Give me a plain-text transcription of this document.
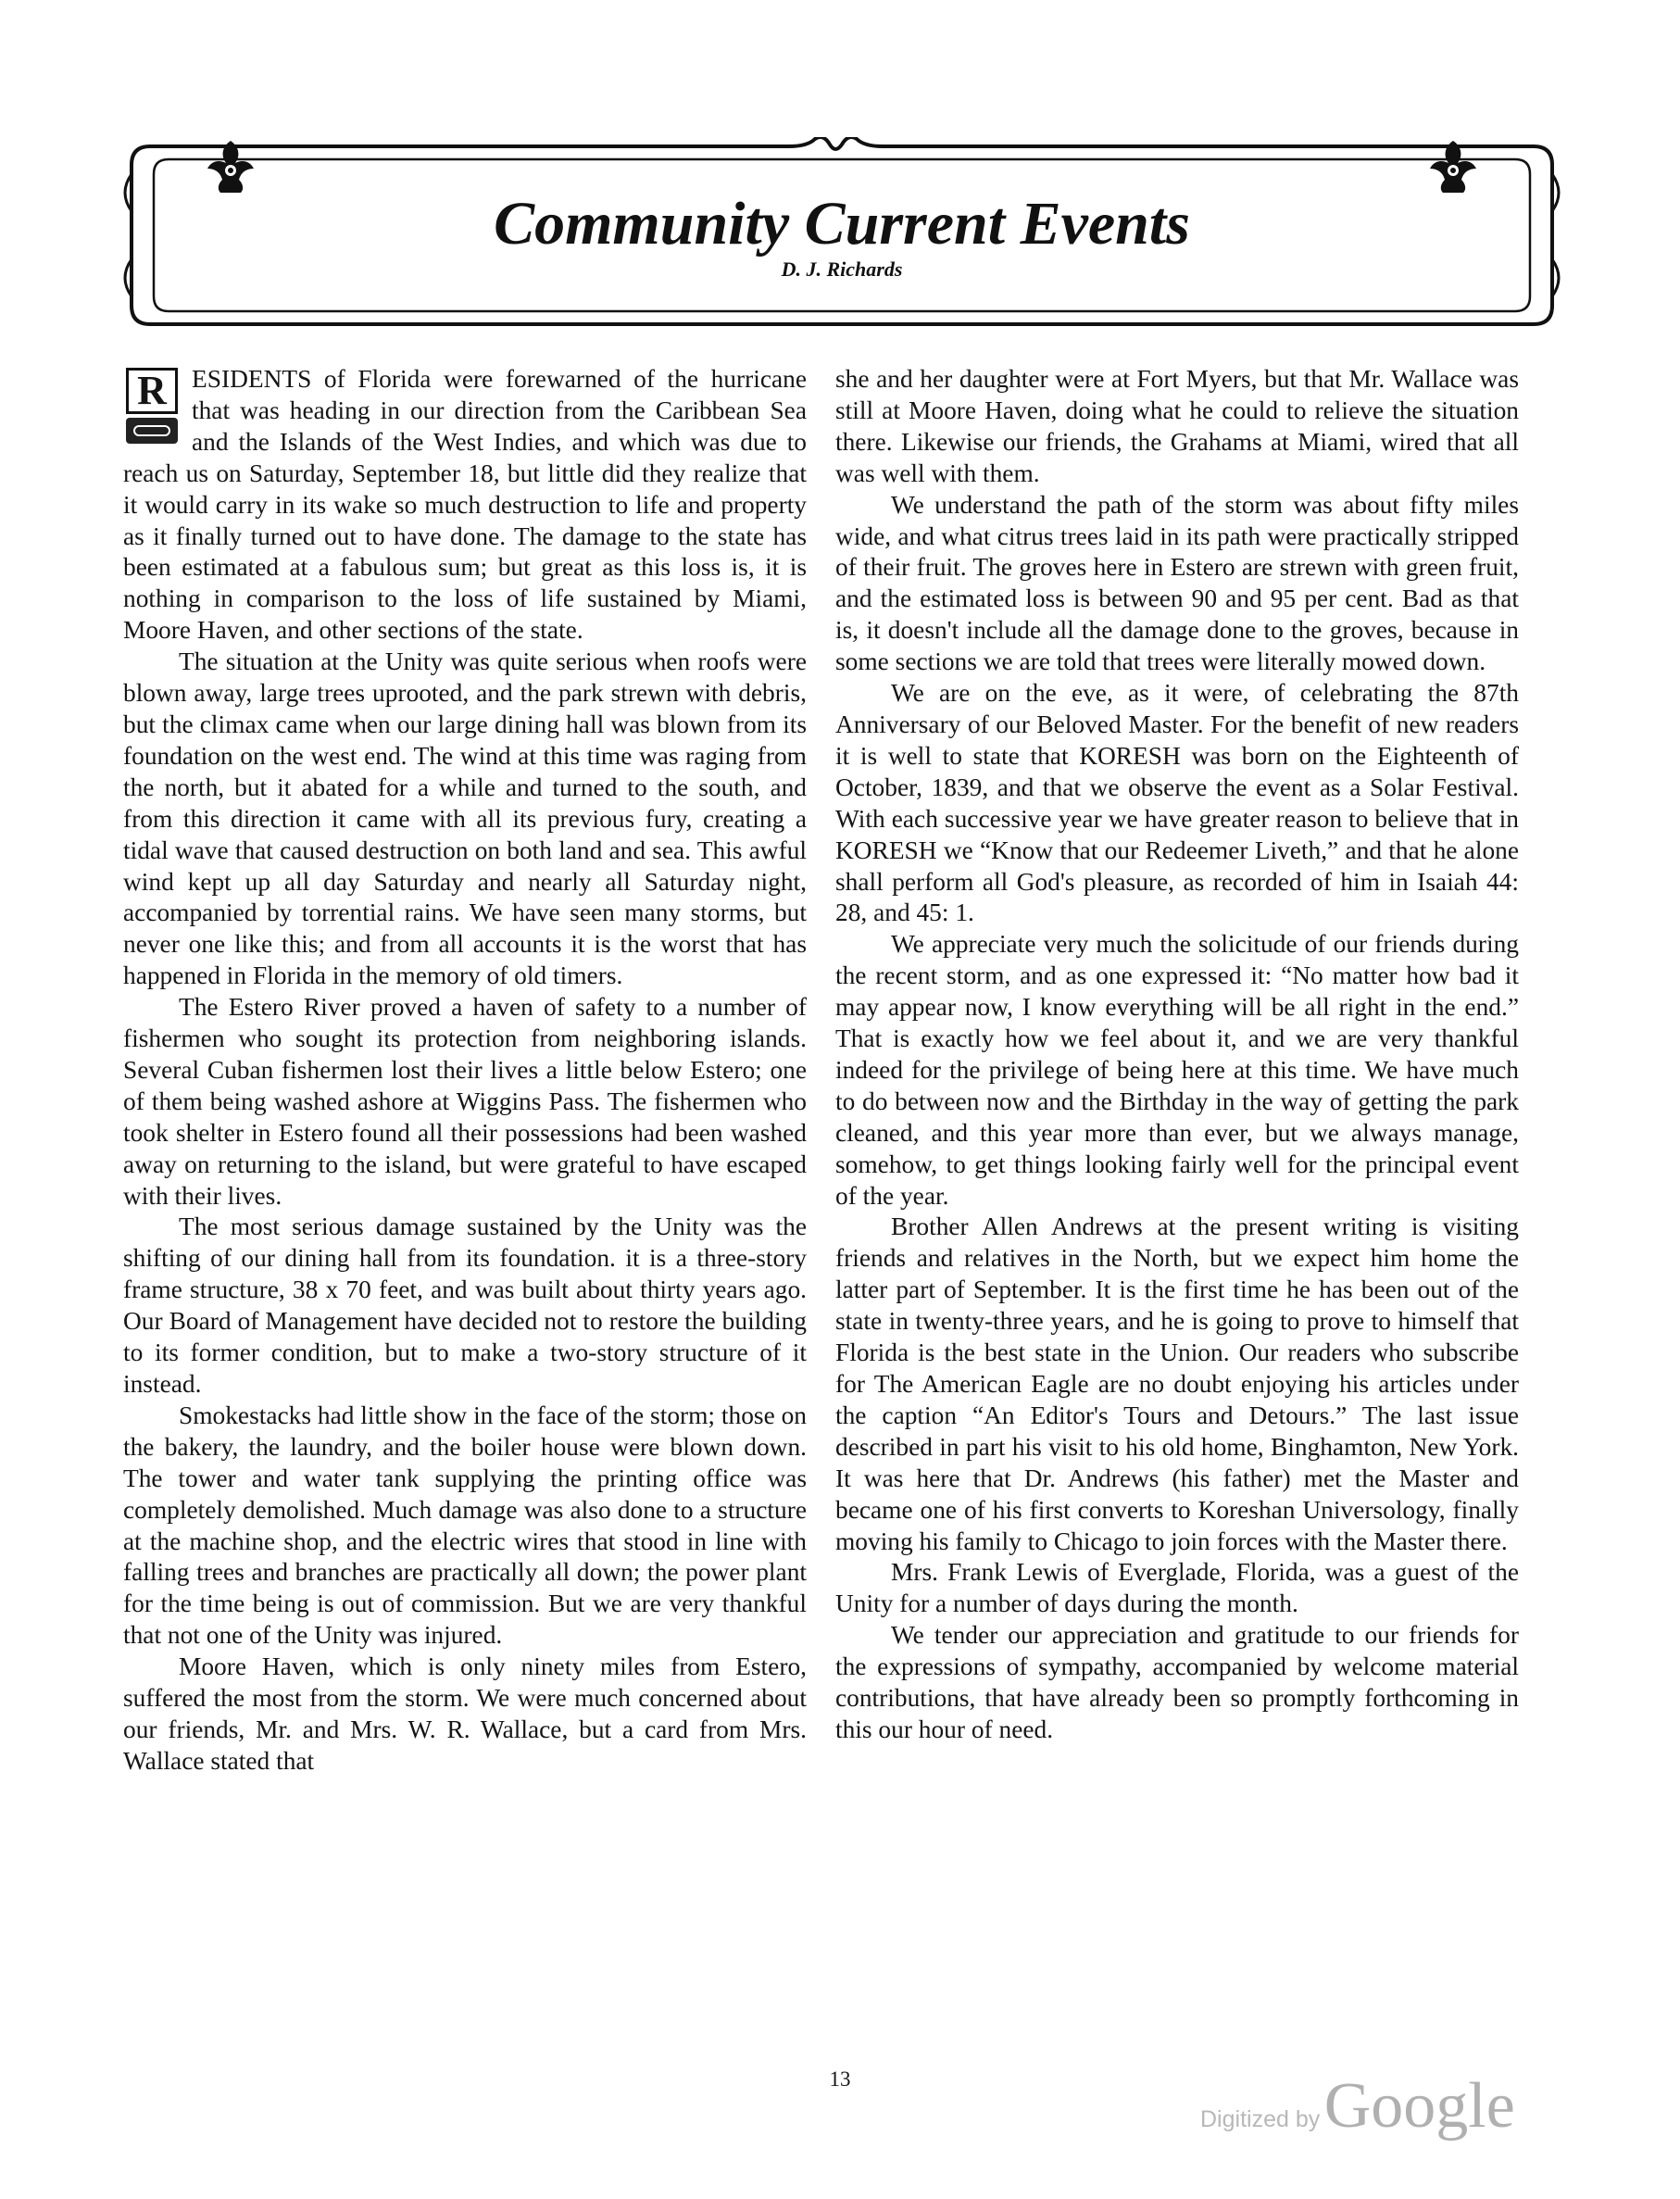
Community Current Events
D. J. Richards
R ESIDENTS of Florida were forewarned of the hurricane that was heading in our direction from the Caribbean Sea and the Islands of the West Indies, and which was due to reach us on Saturday, September 18, but little did they realize that it would carry in its wake so much destruction to life and property as it finally turned out to have done. The damage to the state has been estimated at a fabulous sum; but great as this loss is, it is nothing in comparison to the loss of life sustained by Miami, Moore Haven, and other sections of the state.

The situation at the Unity was quite serious when roofs were blown away, large trees uprooted, and the park strewn with debris, but the climax came when our large dining hall was blown from its foundation on the west end. The wind at this time was raging from the north, but it abated for a while and turned to the south, and from this direction it came with all its previous fury, creating a tidal wave that caused destruction on both land and sea. This awful wind kept up all day Saturday and nearly all Saturday night, accompanied by torrential rains. We have seen many storms, but never one like this; and from all accounts it is the worst that has happened in Florida in the memory of old timers.

The Estero River proved a haven of safety to a number of fishermen who sought its protection from neighboring islands. Several Cuban fishermen lost their lives a little below Estero; one of them being washed ashore at Wiggins Pass. The fishermen who took shelter in Estero found all their possessions had been washed away on returning to the island, but were grateful to have escaped with their lives.

The most serious damage sustained by the Unity was the shifting of our dining hall from its foundation. it is a three-story frame structure, 38 x 70 feet, and was built about thirty years ago. Our Board of Management have decided not to restore the building to its former condition, but to make a two-story structure of it instead.

Smokestacks had little show in the face of the storm; those on the bakery, the laundry, and the boiler house were blown down. The tower and water tank supplying the printing office was completely demolished. Much damage was also done to a structure at the machine shop, and the electric wires that stood in line with falling trees and branches are practically all down; the power plant for the time being is out of commission. But we are very thankful that not one of the Unity was injured.

Moore Haven, which is only ninety miles from Estero, suffered the most from the storm. We were much concerned about our friends, Mr. and Mrs. W. R. Wallace, but a card from Mrs. Wallace stated that

she and her daughter were at Fort Myers, but that Mr. Wallace was still at Moore Haven, doing what he could to relieve the situation there. Likewise our friends, the Grahams at Miami, wired that all was well with them.

We understand the path of the storm was about fifty miles wide, and what citrus trees laid in its path were practically stripped of their fruit. The groves here in Estero are strewn with green fruit, and the estimated loss is between 90 and 95 per cent. Bad as that is, it doesn't include all the damage done to the groves, because in some sections we are told that trees were literally mowed down.

We are on the eve, as it were, of celebrating the 87th Anniversary of our Beloved Master. For the benefit of new readers it is well to state that KORESH was born on the Eighteenth of October, 1839, and that we observe the event as a Solar Festival. With each successive year we have greater reason to believe that in KORESH we “Know that our Redeemer Liveth,” and that he alone shall perform all God's pleasure, as recorded of him in Isaiah 44: 28, and 45: 1.

We appreciate very much the solicitude of our friends during the recent storm, and as one expressed it: “No matter how bad it may appear now, I know everything will be all right in the end.” That is exactly how we feel about it, and we are very thankful indeed for the privilege of being here at this time. We have much to do between now and the Birthday in the way of getting the park cleaned, and this year more than ever, but we always manage, somehow, to get things looking fairly well for the principal event of the year.

Brother Allen Andrews at the present writing is visiting friends and relatives in the North, but we expect him home the latter part of September. It is the first time he has been out of the state in twenty-three years, and he is going to prove to himself that Florida is the best state in the Union. Our readers who subscribe for The American Eagle are no doubt enjoying his articles under the caption “An Editor's Tours and Detours.” The last issue described in part his visit to his old home, Binghamton, New York. It was here that Dr. Andrews (his father) met the Master and became one of his first converts to Koreshan Universology, finally moving his family to Chicago to join forces with the Master there.

Mrs. Frank Lewis of Everglade, Florida, was a guest of the Unity for a number of days during the month.

We tender our appreciation and gratitude to our friends for the expressions of sympathy, accompanied by welcome material contributions, that have already been so promptly forthcoming in this our hour of need.

13
Digitized by Google
